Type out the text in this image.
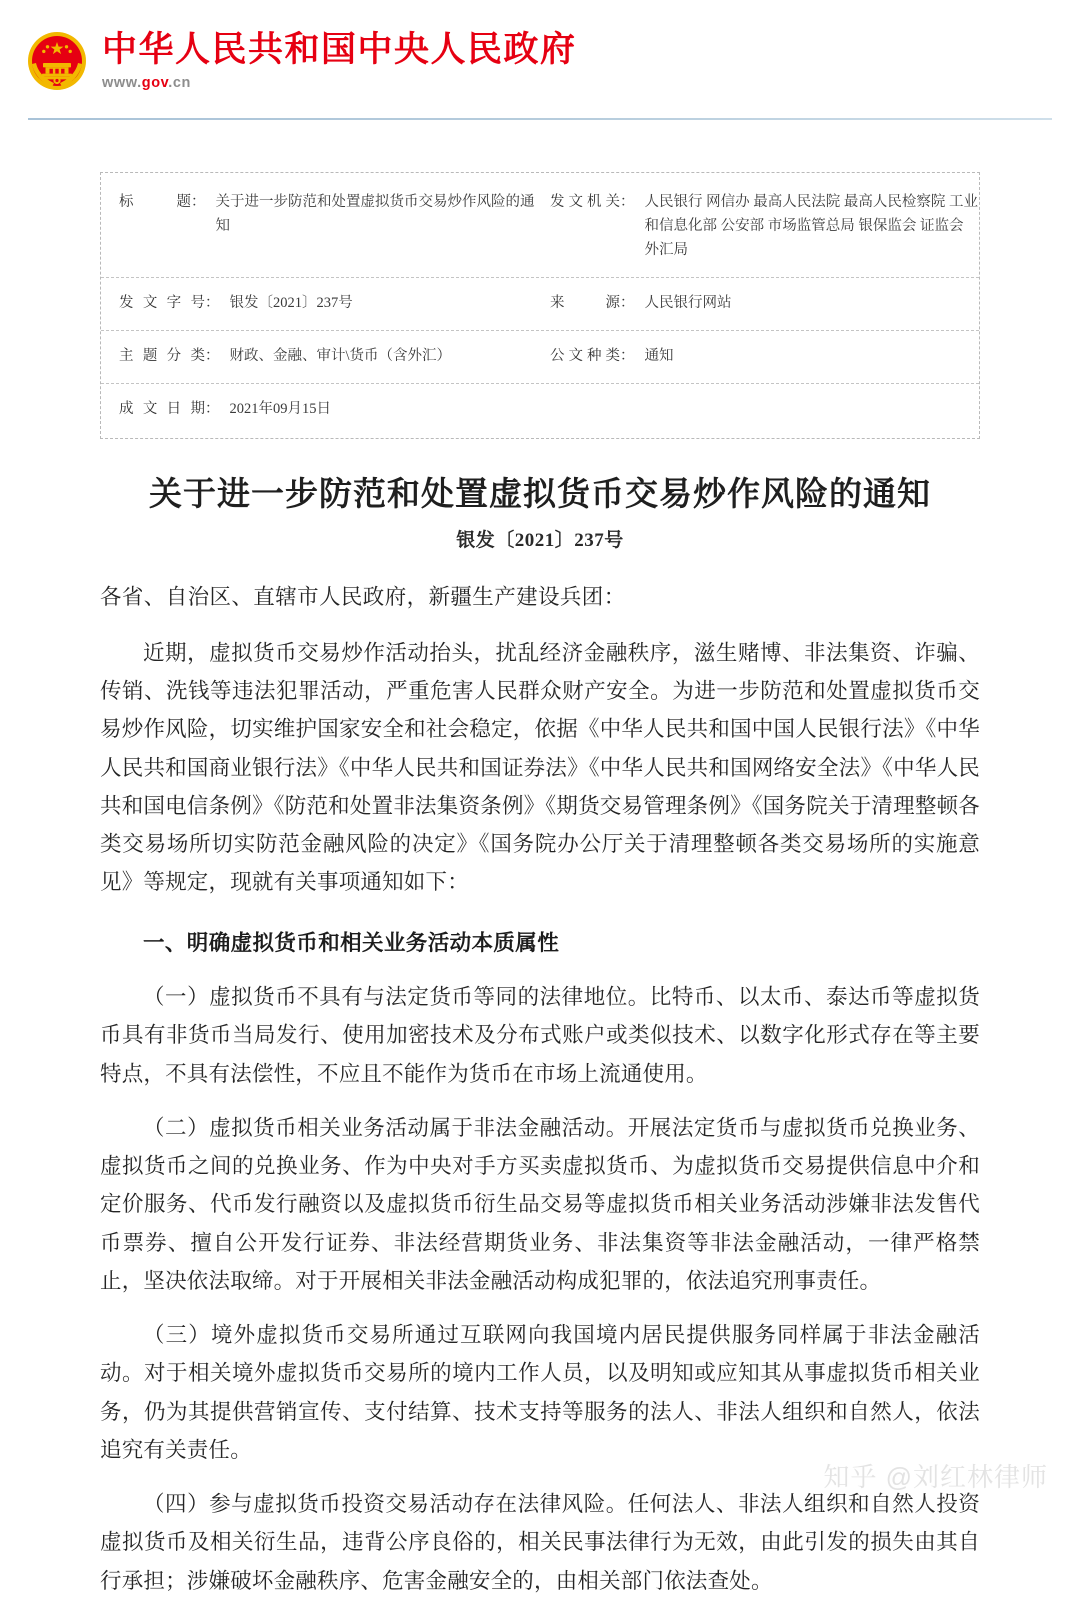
中华人民共和国中央人民政府
www.gov.cn
标题 ： 关于进一步防范和处置虚拟货币交易炒作风险的通知
发文机关 ： 人民银行 网信办 最高人民法院 最高人民检察院 工业和信息化部 公安部 市场监管总局 银保监会 证监会 外汇局
发文字号 ： 银发〔2021〕237号	来源 ： 人民银行网站
主题分类 ： 财政、金融、审计\货币（含外汇）	公文种类 ： 通知
成文日期 ： 2021年09月15日
关于进一步防范和处置虚拟货币交易炒作风险的通知
银发〔2021〕237号
各省、自治区、直辖市人民政府，新疆生产建设兵团：

近期，虚拟货币交易炒作活动抬头，扰乱经济金融秩序，滋生赌博、非法集资、诈骗、传销、洗钱等违法犯罪活动，严重危害人民群众财产安全。为进一步防范和处置虚拟货币交易炒作风险，切实维护国家安全和社会稳定，依据《中华人民共和国中国人民银行法》《中华人民共和国商业银行法》《中华人民共和国证券法》《中华人民共和国网络安全法》《中华人民共和国电信条例》《防范和处置非法集资条例》《期货交易管理条例》《国务院关于清理整顿各类交易场所切实防范金融风险的决定》《国务院办公厅关于清理整顿各类交易场所的实施意见》等规定，现就有关事项通知如下：

一、明确虚拟货币和相关业务活动本质属性

（一）虚拟货币不具有与法定货币等同的法律地位。比特币、以太币、泰达币等虚拟货币具有非货币当局发行、使用加密技术及分布式账户或类似技术、以数字化形式存在等主要特点，不具有法偿性，不应且不能作为货币在市场上流通使用。

（二）虚拟货币相关业务活动属于非法金融活动。开展法定货币与虚拟货币兑换业务、虚拟货币之间的兑换业务、作为中央对手方买卖虚拟货币、为虚拟货币交易提供信息中介和定价服务、代币发行融资以及虚拟货币衍生品交易等虚拟货币相关业务活动涉嫌非法发售代币票券、擅自公开发行证券、非法经营期货业务、非法集资等非法金融活动，一律严格禁止，坚决依法取缔。对于开展相关非法金融活动构成犯罪的，依法追究刑事责任。

（三）境外虚拟货币交易所通过互联网向我国境内居民提供服务同样属于非法金融活动。对于相关境外虚拟货币交易所的境内工作人员，以及明知或应知其从事虚拟货币相关业务，仍为其提供营销宣传、支付结算、技术支持等服务的法人、非法人组织和自然人，依法追究有关责任。

（四）参与虚拟货币投资交易活动存在法律风险。任何法人、非法人组织和自然人投资虚拟货币及相关衍生品，违背公序良俗的，相关民事法律行为无效，由此引发的损失由其自行承担；涉嫌破坏金融秩序、危害金融安全的，由相关部门依法查处。

知乎 @刘红林律师
